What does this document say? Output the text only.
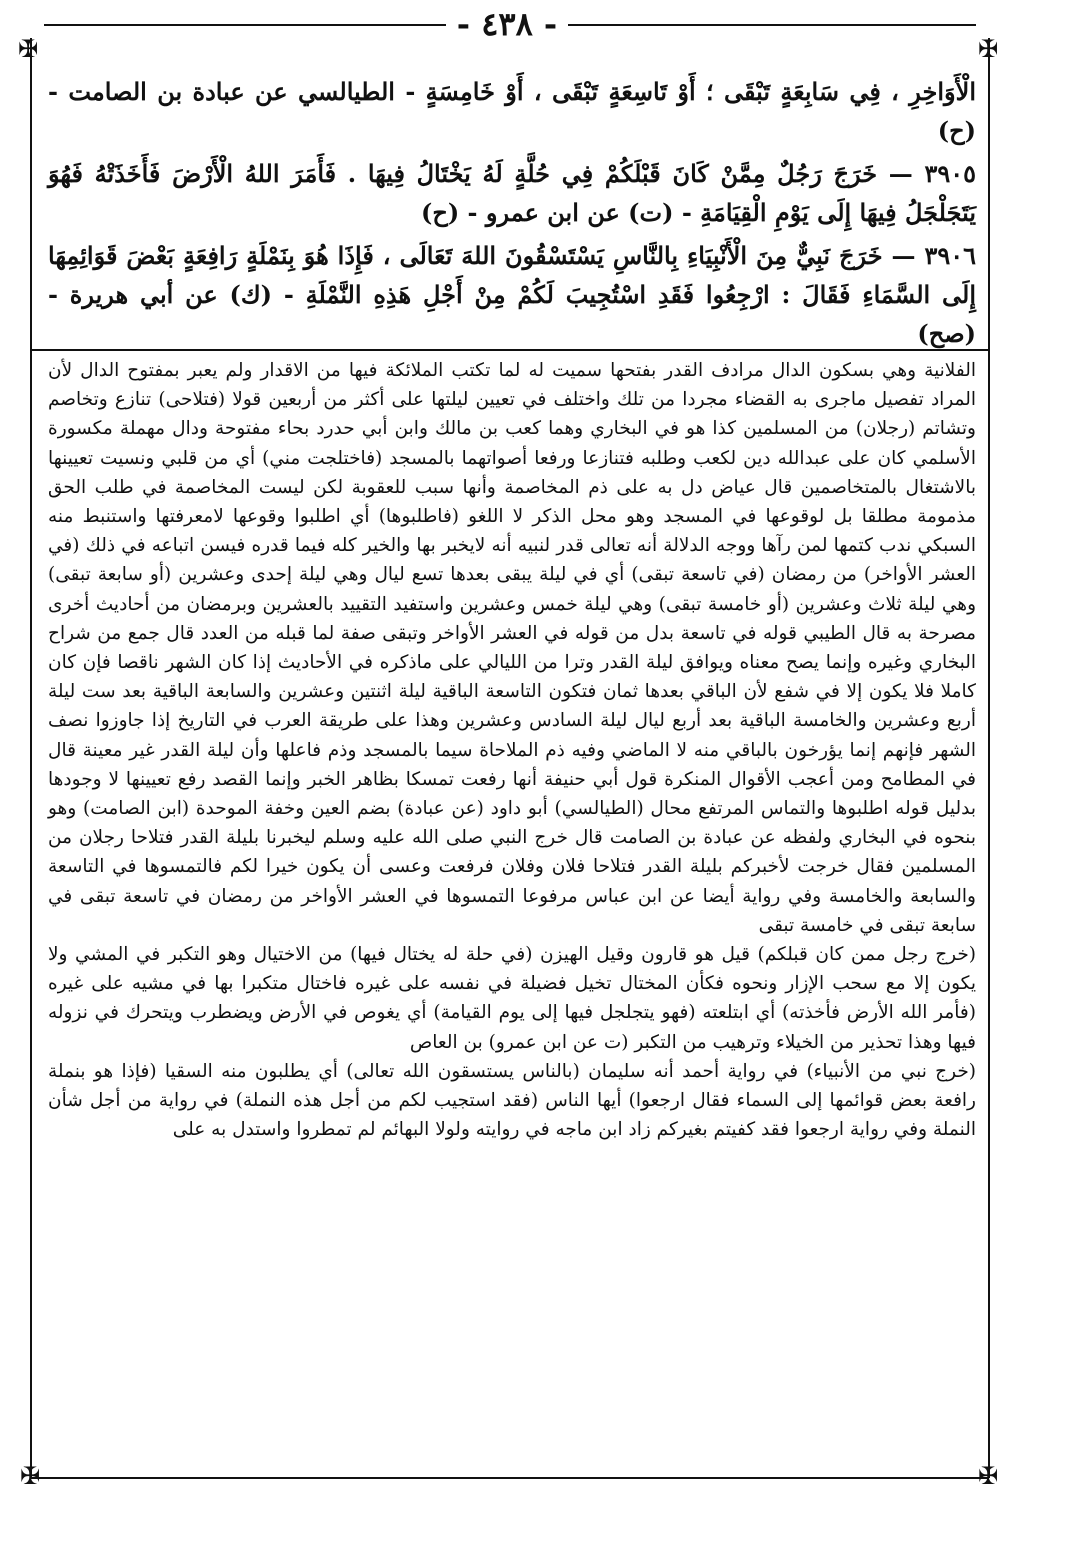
✠	✠
✠	✠
- ٤٣٨ -

الْأَوَاخِرِ ، فِي سَابِعَةٍ تَبْقَى ؛ أَوْ تَاسِعَةٍ تَبْقَى ، أَوْ خَامِسَةٍ - الطيالسي عن عبادة بن الصامت - (ح)

٣٩٠٥ — خَرَجَ رَجُلٌ مِمَّنْ كَانَ قَبْلَكُمْ فِي حُلَّةٍ لَهُ يَخْتَالُ فِيهَا . فَأَمَرَ اللهُ الْأَرْضَ فَأَخَذَتْهُ فَهُوَ يَتَجَلْجَلُ فِيهَا إِلَى يَوْمِ الْقِيَامَةِ - (ت) عن ابن عمرو - (ح)

٣٩٠٦ — خَرَجَ نَبِيٌّ مِنَ الْأَنْبِيَاءِ بِالنَّاسِ يَسْتَسْقُونَ اللهَ تَعَالَى ، فَإِذَا هُوَ بِنَمْلَةٍ رَافِعَةٍ بَعْضَ قَوَائِمِهَا إِلَى السَّمَاءِ فَقَالَ : ارْجِعُوا فَقَدِ اسْتُجِيبَ لَكُمْ مِنْ أَجْلِ هَذِهِ النَّمْلَةِ - (ك) عن أبي هريرة - (صح)

الفلانية وهي بسكون الدال مرادف القدر بفتحها سميت له لما تكتب الملائكة فيها من الاقدار ولم يعبر بمفتوح الدال لأن المراد تفصيل ماجرى به القضاء مجردا من تلك واختلف في تعيين ليلتها على أكثر من أربعين قولا (فتلاحى) تنازع وتخاصم وتشاتم (رجلان) من المسلمين كذا هو في البخاري وهما كعب بن مالك وابن أبي حدرد بحاء مفتوحة ودال مهملة مكسورة الأسلمي كان على عبدالله دين لكعب وطلبه فتنازعا ورفعا أصواتهما بالمسجد (فاختلجت مني) أي من قلبي ونسيت تعيينها بالاشتغال بالمتخاصمين قال عياض دل به على ذم المخاصمة وأنها سبب للعقوبة لكن ليست المخاصمة في طلب الحق مذمومة مطلقا بل لوقوعها في المسجد وهو محل الذكر لا اللغو (فاطلبوها) أي اطلبوا وقوعها لامعرفتها واستنبط منه السبكي ندب كتمها لمن رآها ووجه الدلالة أنه تعالى قدر لنبيه أنه لايخبر بها والخير كله فيما قدره فيسن اتباعه في ذلك (في العشر الأواخر) من رمضان (في تاسعة تبقى) أي في ليلة يبقى بعدها تسع ليال وهي ليلة إحدى وعشرين (أو سابعة تبقى) وهي ليلة ثلاث وعشرين (أو خامسة تبقى) وهي ليلة خمس وعشرين واستفيد التقييد بالعشرين وبرمضان من أحاديث أخرى مصرحة به قال الطيبي قوله في تاسعة بدل من قوله في العشر الأواخر وتبقى صفة لما قبله من العدد قال جمع من شراح البخاري وغيره وإنما يصح معناه ويوافق ليلة القدر وترا من الليالي على ماذكره في الأحاديث إذا كان الشهر ناقصا فإن كان كاملا فلا يكون إلا في شفع لأن الباقي بعدها ثمان فتكون التاسعة الباقية ليلة اثنتين وعشرين والسابعة الباقية بعد ست ليلة أربع وعشرين والخامسة الباقية بعد أربع ليال ليلة السادس وعشرين وهذا على طريقة العرب في التاريخ إذا جاوزوا نصف الشهر فإنهم إنما يؤرخون بالباقي منه لا الماضي وفيه ذم الملاحاة سيما بالمسجد وذم فاعلها وأن ليلة القدر غير معينة قال في المطامح ومن أعجب الأقوال المنكرة قول أبي حنيفة أنها رفعت تمسكا بظاهر الخبر وإنما القصد رفع تعيينها لا وجودها بدليل قوله اطلبوها والتماس المرتفع محال (الطيالسي) أبو داود (عن عبادة) بضم العين وخفة الموحدة (ابن الصامت) وهو بنحوه في البخاري ولفظه عن عبادة بن الصامت قال خرج النبي صلى الله عليه وسلم ليخبرنا بليلة القدر فتلاحا رجلان من المسلمين فقال خرجت لأخبركم بليلة القدر فتلاحا فلان وفلان فرفعت وعسى أن يكون خيرا لكم فالتمسوها في التاسعة والسابعة والخامسة وفي رواية أيضا عن ابن عباس مرفوعا التمسوها في العشر الأواخر من رمضان في تاسعة تبقى في سابعة تبقى في خامسة تبقى

(خرج رجل ممن كان قبلكم) قيل هو قارون وقيل الهيزن (في حلة له يختال فيها) من الاختيال وهو التكبر في المشي ولا يكون إلا مع سحب الإزار ونحوه فكأن المختال تخيل فضيلة في نفسه على غيره فاختال متكبرا بها في مشيه على غيره (فأمر الله الأرض فأخذته) أي ابتلعته (فهو يتجلجل فيها إلى يوم القيامة) أي يغوص في الأرض ويضطرب ويتحرك في نزوله فيها وهذا تحذير من الخيلاء وترهيب من التكبر (ت عن ابن عمرو) بن العاص

(خرج نبي من الأنبياء) في رواية أحمد أنه سليمان (بالناس يستسقون الله تعالى) أي يطلبون منه السقيا (فإذا هو بنملة رافعة بعض قوائمها إلى السماء فقال ارجعوا) أيها الناس (فقد استجيب لكم من أجل هذه النملة) في رواية من أجل شأن النملة وفي رواية ارجعوا فقد كفيتم بغيركم زاد ابن ماجه في روايته ولولا البهائم لم تمطروا واستدل به على
